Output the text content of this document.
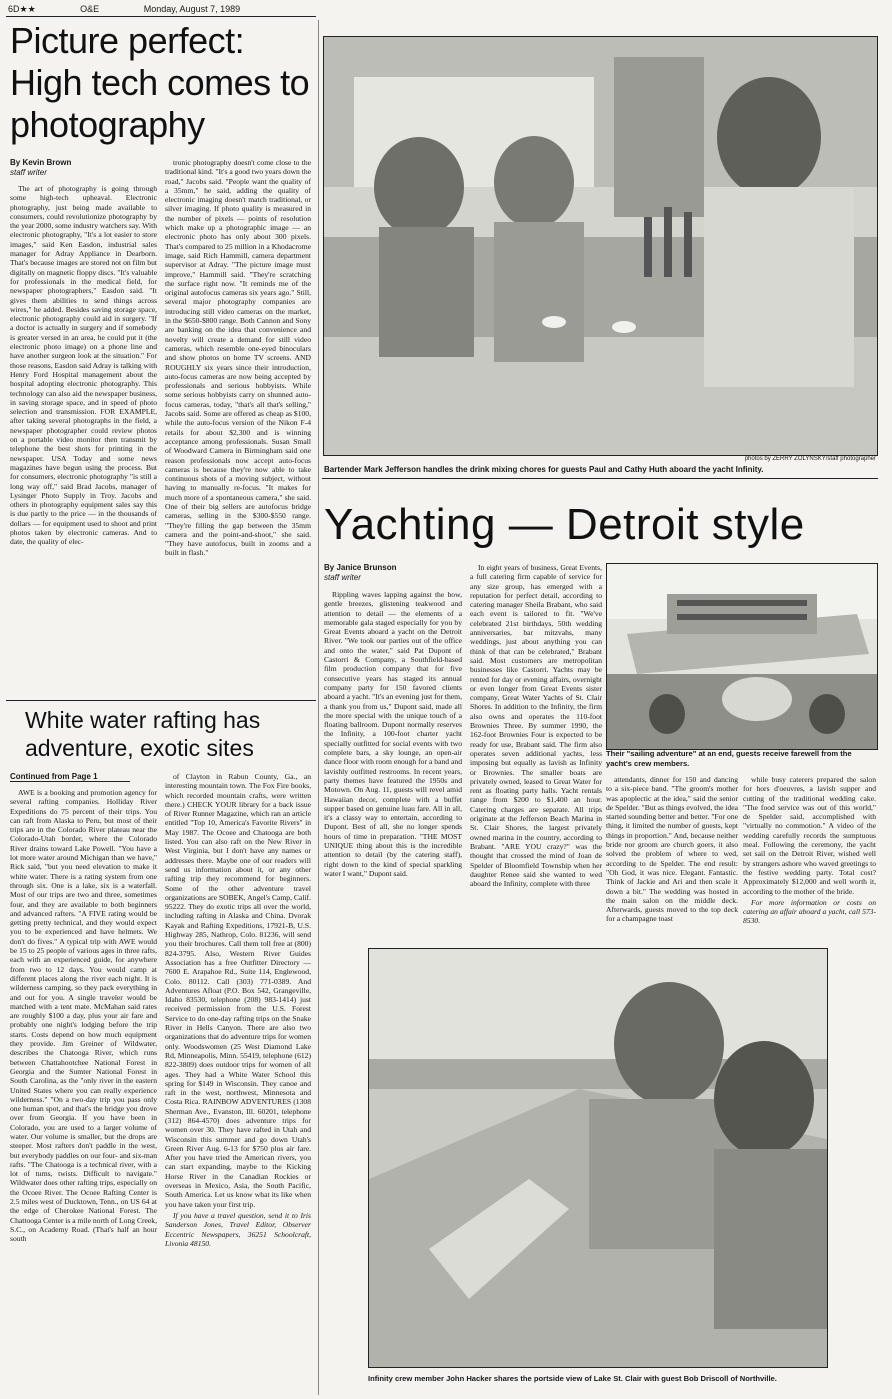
6D★★	O&E	Monday, August 7, 1989
Picture perfect: High tech comes to photography
By Kevin Brown
staff writer

The art of photography is going through some high-tech upheaval. Electronic photography, just being made available to consumers, could revolutionize photography by the year 2000, some industry watchers say. With electronic photography, "It's a lot easier to store images," said Ken Easdon, industrial sales manager for Adray Appliance in Dearborn. That's because images are stored not on film but digitally on magnetic floppy discs. "It's valuable for professionals in the medical field, for newspaper photographers," Easdon said. "It gives them abilities to send things across wires," he added. Besides saving storage space, electronic photography could aid in surgery. "If a doctor is actually in surgery and if somebody is greater versed in an area, he could put it (the electronic photo image) on a phone line and have another surgeon look at the situation." For those reasons, Easdon said Adray is talking with Henry Ford Hospital management about the hospital adopting electronic photography. This technology can also aid the newspaper business, in saving storage space, and in speed of photo selection and transmission. FOR EXAMPLE, after taking several photographs in the field, a newspaper photographer could review photos on a portable video monitor then transmit by telephone the best shots for printing in the newspaper. USA Today and some news magazines have begun using the process. But for consumers, electronic photography "is still a long way off," said Brad Jacobs, manager of Lysinger Photo Supply in Troy. Jacobs and others in photography equipment sales say this is due partly to the price — in the thousands of dollars — for equipment used to shoot and print photos taken by electronic cameras. And to date, the quality of elec-

tronic photography doesn't come close to the traditional kind. "It's a good two years down the road," Jacobs said. "People want the quality of a 35mm," he said, adding the quality of electronic imaging doesn't match traditional, or silver imaging. If photo quality is measured in the number of pixels — points of resolution which make up a photographic image — an electronic photo has only about 300 pixels. That's compared to 25 million in a Khodacrome image, said Rich Hammill, camera department supervisor at Adray. "The picture image must improve," Hammill said. "They're scratching the surface right now. "It reminds me of the original autofocus cameras six years ago." Still, several major photography companies are introducing still video cameras on the market, in the $650-$800 range. Both Cannon and Sony are banking on the idea that convenience and novelty will create a demand for still video cameras, which resemble one-eyed binoculars and show photos on home TV screens. AND ROUGHLY six years since their introduction, auto-focus cameras are now being accepted by professionals and serious hobbyists. While some serious hobbyists carry on shunned auto-focus cameras, today, "that's all that's selling," Jacobs said. Some are offered as cheap as $100, while the auto-focus version of the Nikon F-4 retails for about $2,300 and is winning acceptance among professionals. Susan Small of Woodward Camera in Birmingham said one reason professionals now accept auto-focus cameras is because they're now able to take continuous shots of a moving subject, without having to manually re-focus. "It makes for much more of a spontaneous camera," she said. One of their big sellers are autofocus bridge cameras, selling in the $300-$550 range. "They're filling the gap between the 35mm camera and the point-and-shoot," she said. "They have autofocus, built in zooms and a built in flash."

White water rafting has adventure, exotic sites
Continued from Page 1

AWE is a booking and promotion agency for several rafting companies. Holliday River Expeditions do 75 percent of their trips. You can raft from Alaska to Peru, but most of their trips are in the Colorado River plateau near the Colorado-Utah border, where the Colorado River drains toward Lake Powell. "You have a lot more water around Michigan than we have," Rick said, "but you need elevation to make it white water. There is a rating system from one through six. One is a lake, six is a waterfall. Most of our trips are two and three, sometimes four, and they are available to both beginners and advanced rafters. "A FIVE rating would be getting pretty technical, and they would expect you to be experienced and have helmets. We don't do fives." A typical trip with AWE would be 15 to 25 people of various ages in three rafts, each with an experienced guide, for anywhere from two to 12 days. You would camp at different places along the river each night. It is wilderness camping, so they pack everything in and out for you. A single traveler would be matched with a tent mate. McMahan said rates are roughly $100 a day, plus your air fare and probably one night's lodging before the trip starts. Costs depend on how much equipment they provide. Jim Greiner of Wildwater, describes the Chatooga River, which runs between Chattahootchee National Forest in Georgia and the Sumter National Forest in South Carolina, as the "only river in the eastern United States where you can really experience wilderness." "On a two-day trip you pass only one human spot, and that's the bridge you drove over from Georgia. If you have been in Colorado, you are used to a larger volume of water. Our volume is smaller, but the drops are steeper. Most rafters don't paddle in the west, but everybody paddles on our four- and six-man rafts. "The Chatooga is a technical river, with a lot of turns, twists. Difficult to navigate." Wildwater does other rafting trips, especially on the Ocoee River. The Ocoee Rafting Center is 2.5 miles west of Ducktown, Tenn., on US 64 at the edge of Cherokee National Forest. The Chattooga Center is a mile north of Long Creek, S.C., on Academy Road. (That's half an hour south

of Clayton in Rabun County, Ga., an interesting mountain town. The Fox Fire books, which recorded mountain crafts, were written there.) CHECK YOUR library for a back issue of River Runner Magazine, which ran an article entitled "Top 10, America's Favorite Rivers" in May 1987. The Ocoee and Chatooga are both listed. You can also raft on the New River in West Virginia, but I don't have any names or addresses there. Maybe one of our readers will send us information about it, or any other rafting trip they recommend for beginners. Some of the other adventure travel organizations are SOBEK, Angel's Camp, Calif. 95222. They do exotic trips all over the world, including rafting in Alaska and China. Dvorak Kayak and Rafting Expeditions, 17921-B, U.S. Highway 285, Nathrop, Colo. 81236, will send you their brochures. Call them toll free at (800) 824-3795. Also, Western River Guides Association has a free Outfitter Directory — 7600 E. Arapahoe Rd., Suite 114, Englewood, Colo. 80112. Call (303) 771-0389. And Adventures Afloat (P.O. Box 542, Grangeville, Idaho 83530, telephone (208) 983-1414) just received permission from the U.S. Forest Service to do one-day rafting trips on the Snake River in Hells Canyon. There are also two organizations that do adventure trips for women only. Woodswomen (25 West Diamond Lake Rd, Minneapolis, Minn. 55419, telephone (612) 822-3809) does outdoor trips for women of all ages. They had a White Water School this spring for $149 in Wisconsin. They canoe and raft in the west, northwest, Minnesota and Costa Rica. RAINBOW ADVENTURES (1308 Sherman Ave., Evanston, Ill. 60201, telephone (312) 864-4570) does adventure trips for women over 30. They have rafted in Utah and Wisconsin this summer and go down Utah's Green River Aug. 6-13 for $750 plus air fare. After you have tried the American rivers, you can start expanding, maybe to the Kicking Horse River in the Canadian Rockies or overseas in Mexico, Asia, the South Pacific, South America. Let us know what its like when you have taken your first trip.

If you have a travel question, send it to Iris Sanderson Jones, Travel Editor, Observer Eccentric Newspapers, 36251 Schoolcraft, Livonia 48150.

photos by ZERRY ZOLYNSKY/staff photographer
Bartender Mark Jefferson handles the drink mixing chores for guests Paul and Cathy Huth aboard the yacht Infinity.
Yachting — Detroit style
By Janice Brunson
staff writer

Rippling waves lapping against the bow, gentle breezes, glistening teakwood and attention to detail — the elements of a memorable gala staged especially for you by Great Events aboard a yacht on the Detroit River. "We took our parties out of the office and onto the water," said Pat Dupont of Castorri & Company, a Southfield-based film production company that for five consecutive years has staged its annual company party for 150 favored clients aboard a yacht. "It's an evening just for them, a thank you from us," Dupont said, made all the more special with the unique touch of a floating ballroom. Dupont normally reserves the Infinity, a 100-foot charter yacht specially outfitted for social events with two complete bars, a sky lounge, an open-air dance floor with room enough for a band and lavishly outfitted restrooms. In recent years, party themes have featured the 1950s and Motown. On Aug. 11, guests will revel amid Hawaiian decor, complete with a buffet supper based on genuine luau fare. All in all, it's a classy way to entertain, according to Dupont. Best of all, she no longer spends hours of time in preparation. "THE MOST UNIQUE thing about this is the incredible attention to detail (by the catering staff), right down to the kind of special sparkling water I want," Dupont said.

In eight years of business, Great Events, a full catering firm capable of service for any size group, has emerged with a reputation for perfect detail, according to catering manager Sheila Brabant, who said each event is tailored to fit. "We've celebrated 21st birthdays, 50th wedding anniversaries, bar mitzvahs, many weddings, just about anything you can think of that can be celebrated," Brabant said. Most customers are metropolitan businesses like Castorri. Yachts may be rented for day or evening affairs, overnight or even longer from Great Events sister company, Great Water Yachts of St. Clair Shores. In addition to the Infinity, the firm also owns and operates the 110-foot Brownies Three. By summer 1990, the 162-foot Brownies Four is expected to be ready for use, Brabant said. The firm also operates seven additional yachts, less imposing but equally as lavish as Infinity or Brownies. The smaller boats are privately owned, leased to Great Water for rent as floating party halls. Yacht rentals range from $200 to $1,400 an hour. Catering charges are separate. All trips originate at the Jefferson Beach Marina in St. Clair Shores, the largest privately owned marina in the country, according to Brabant. "ARE YOU crazy?" was the thought that crossed the mind of Joan de Spelder of Bloomfield Township when her daughter Renee said she wanted to wed aboard the Infinity, complete with three

Their "sailing adventure" at an end, guests receive farewell from the yacht's crew members.

attendants, dinner for 150 and dancing to a six-piece band. "The groom's mother was apoplectic at the idea," said the senior de Spelder. "But as things evolved, the idea started sounding better and better. "For one thing, it limited the number of guests, kept things in proportion." And, because neither bride nor groom are church goers, it also solved the problem of where to wed, according to de Spelder. The end result: "Oh God, it was nice. Elegant. Fantastic. Think of Jackie and Ari and then scale it down a bit." The wedding was hosted in the main salon on the middle deck. Afterwards, guests moved to the top deck for a champagne toast

while busy caterers prepared the salon for hors d'oeuvres, a lavish supper and cutting of the traditional wedding cake. "The food service was out of this world," de Spelder said, accomplished with "virtually no commotion." A video of the wedding carefully records the sumptuous meal. Following the ceremony, the yacht set sail on the Detroit River, wished well by strangers ashore who waved greetings to the festive wedding party. Total cost? Approximately $12,000 and well worth it, according to the mother of the bride.

For more information or costs on catering an affair aboard a yacht, call 573-8530.

Infinity crew member John Hacker shares the portside view of Lake St. Clair with guest Bob Driscoll of Northville.
